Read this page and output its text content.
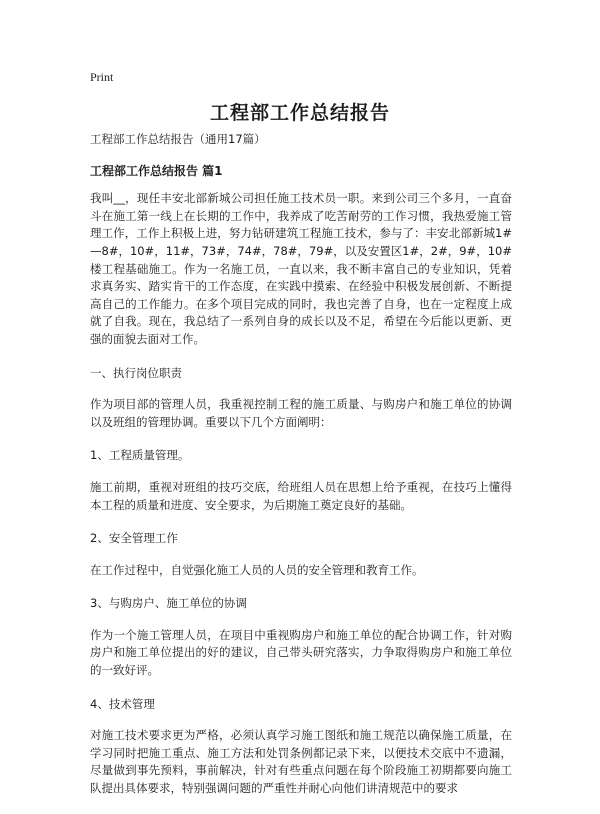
Print
工程部工作总结报告

工程部工作总结报告（通用17篇）

工程部工作总结报告 篇1

我叫__，现任丰安北部新城公司担任施工技术员一职。来到公司三个多月，一直奋斗在施工第一线上在长期的工作中，我养成了吃苦耐劳的工作习惯，我热爱施工管理工作，工作上积极上进，努力钻研建筑工程施工技术，参与了：丰安北部新城1#—8#，10#，11#，73#，74#，78#，79#，以及安置区1#，2#，9#，10#楼工程基础施工。作为一名施工员，一直以来，我不断丰富自己的专业知识，凭着求真务实、踏实肯干的工作态度，在实践中摸索、在经验中积极发展创新、不断提高自己的工作能力。在多个项目完成的同时，我也完善了自身，也在一定程度上成就了自我。现在，我总结了一系列自身的成长以及不足，希望在今后能以更新、更强的面貌去面对工作。

一、执行岗位职责

作为项目部的管理人员，我重视控制工程的施工质量、与购房户和施工单位的协调以及班组的管理协调。重要以下几个方面阐明：

1、工程质量管理。

施工前期，重视对班组的技巧交底，给班组人员在思想上给予重视，在技巧上懂得本工程的质量和进度、安全要求，为后期施工奠定良好的基础。

2、安全管理工作

在工作过程中，自觉强化施工人员的人员的安全管理和教育工作。

3、与购房户、施工单位的协调

作为一个施工管理人员，在项目中重视购房户和施工单位的配合协调工作，针对购房户和施工单位提出的好的建议，自己带头研究落实，力争取得购房户和施工单位的一致好评。

4、技术管理

对施工技术要求更为严格，必须认真学习施工图纸和施工规范以确保施工质量，在学习同时把施工重点、施工方法和处罚条例都记录下来，以便技术交底中不遗漏，尽量做到事先预料，事前解决，针对有些重点问题在每个阶段施工初期都要向施工队提出具体要求，特别强调问题的严重性并耐心向他们讲清规范中的要求
